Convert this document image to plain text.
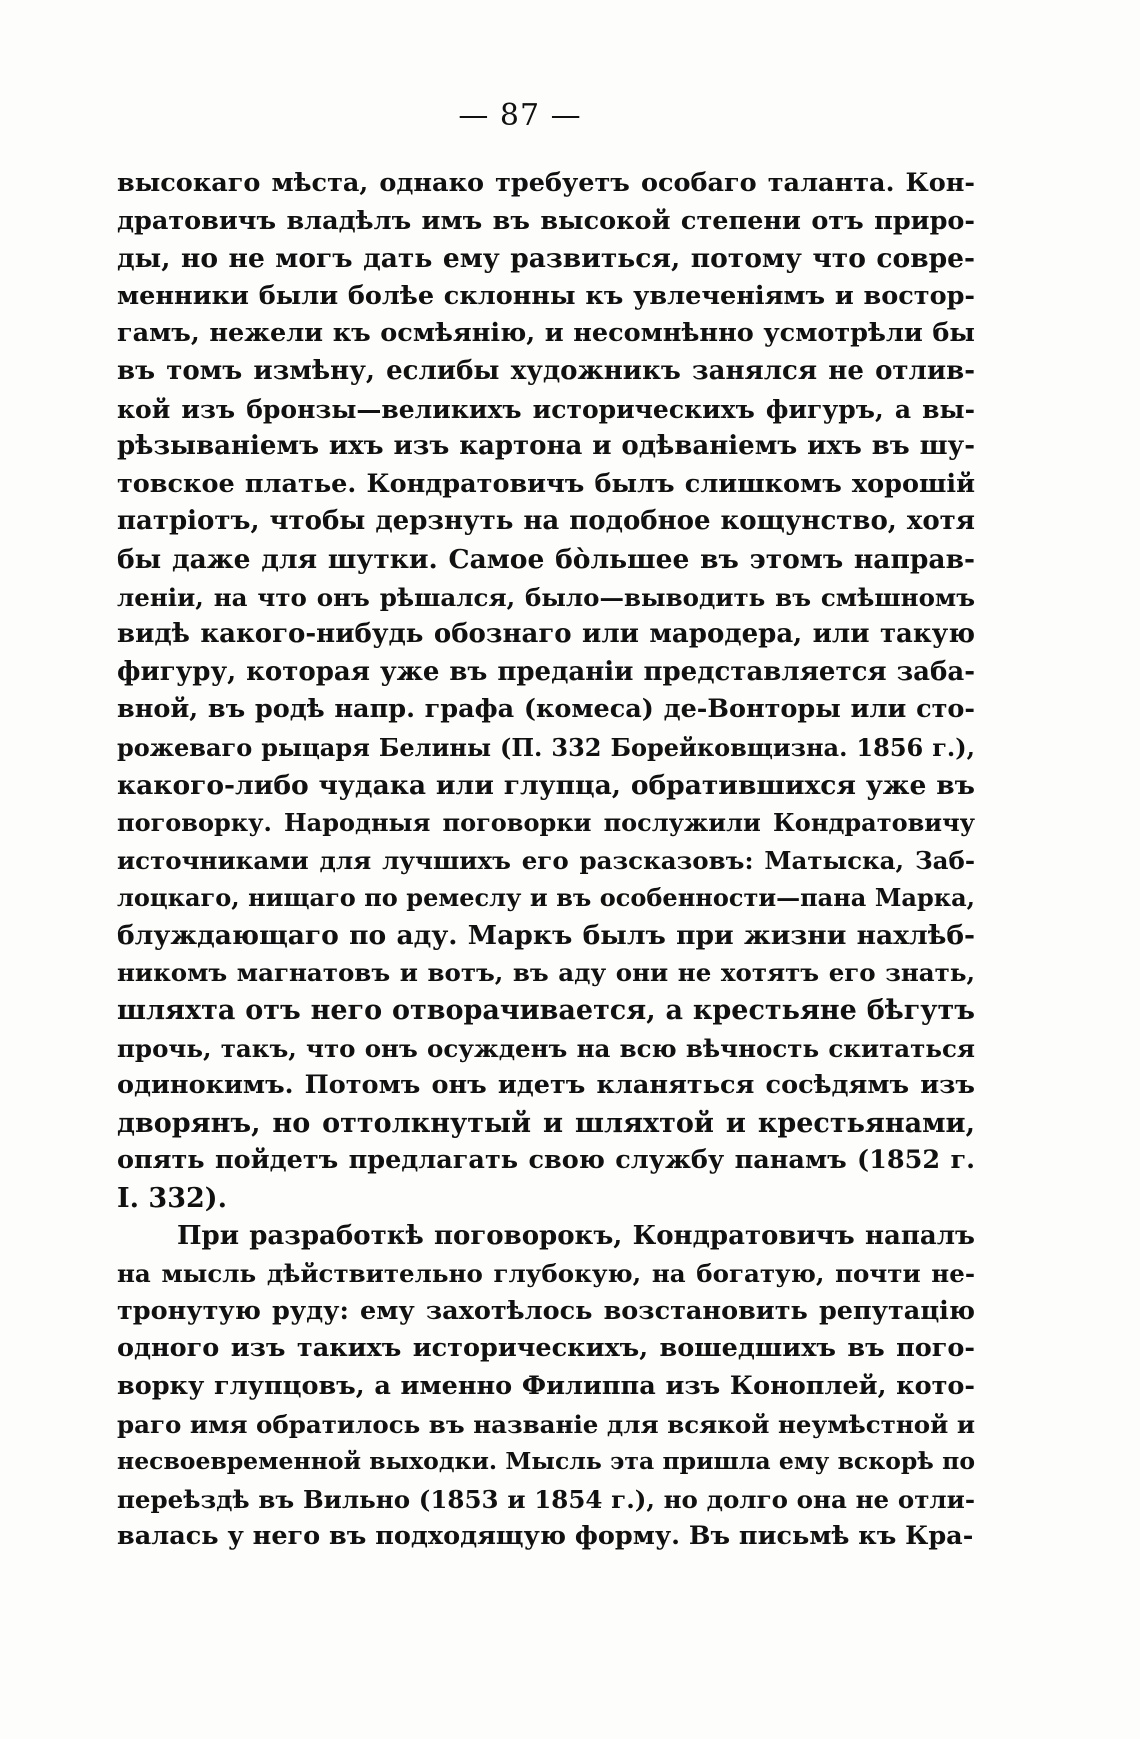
— 87 —
высокаго мѣста, однако требуетъ особаго таланта. Кон-
дратовичъ владѣлъ имъ въ высокой степени отъ приро-
ды, но не могъ дать ему развиться, потому что совре-
менники были болѣе склонны къ увлеченіямъ и востор-
гамъ, нежели къ осмѣянію, и несомнѣнно усмотрѣли бы
въ томъ измѣну, еслибы художникъ занялся не отлив-
кой изъ бронзы—великихъ историческихъ фигуръ, а вы-
рѣзываніемъ ихъ изъ картона и одѣваніемъ ихъ въ шу-
товское платье. Кондратовичъ былъ слишкомъ хорошій
патріотъ, чтобы дерзнуть на подобное кощунство, хотя
бы даже для шутки. Самое бо̀льшее въ этомъ направ-
леніи, на что онъ рѣшался, было—выводить въ смѣшномъ
видѣ какого-нибудь обознаго или мародера, или такую
фигуру, которая уже въ преданіи представляется заба-
вной, въ родѣ напр. графа (комеса) де-Вонторы или сто-
рожеваго рыцаря Белины (П. 332 Борейковщизна. 1856 г.),
какого-либо чудака или глупца, обратившихся уже въ
поговорку. Народныя поговорки послужили Кондратовичу
источниками для лучшихъ его разсказовъ: Матыска, Заб-
лоцкаго, нищаго по ремеслу и въ особенности—пана Марка,
блуждающаго по аду. Маркъ былъ при жизни нахлѣб-
никомъ магнатовъ и вотъ, въ аду они не хотятъ его знать,
шляхта отъ него отворачивается, а крестьяне бѣгутъ
прочь, такъ, что онъ осужденъ на всю вѣчность скитаться
одинокимъ. Потомъ онъ идетъ кланяться сосѣдямъ изъ
дворянъ, но оттолкнутый и шляхтой и крестьянами,
опять пойдетъ предлагать свою службу панамъ (1852 г.
I. 332).
При разработкѣ поговорокъ, Кондратовичъ напалъ
на мысль дѣйствительно глубокую, на богатую, почти не-
тронутую руду: ему захотѣлось возстановить репутацію
одного изъ такихъ историческихъ, вошедшихъ въ пого-
ворку глупцовъ, а именно Филиппа изъ Коноплей, кото-
раго имя обратилось въ названіе для всякой неумѣстной и
несвоевременной выходки. Мысль эта пришла ему вскорѣ по
переѣздѣ въ Вильно (1853 и 1854 г.), но долго она не отли-
валась у него въ подходящую форму. Въ письмѣ къ Кра-
